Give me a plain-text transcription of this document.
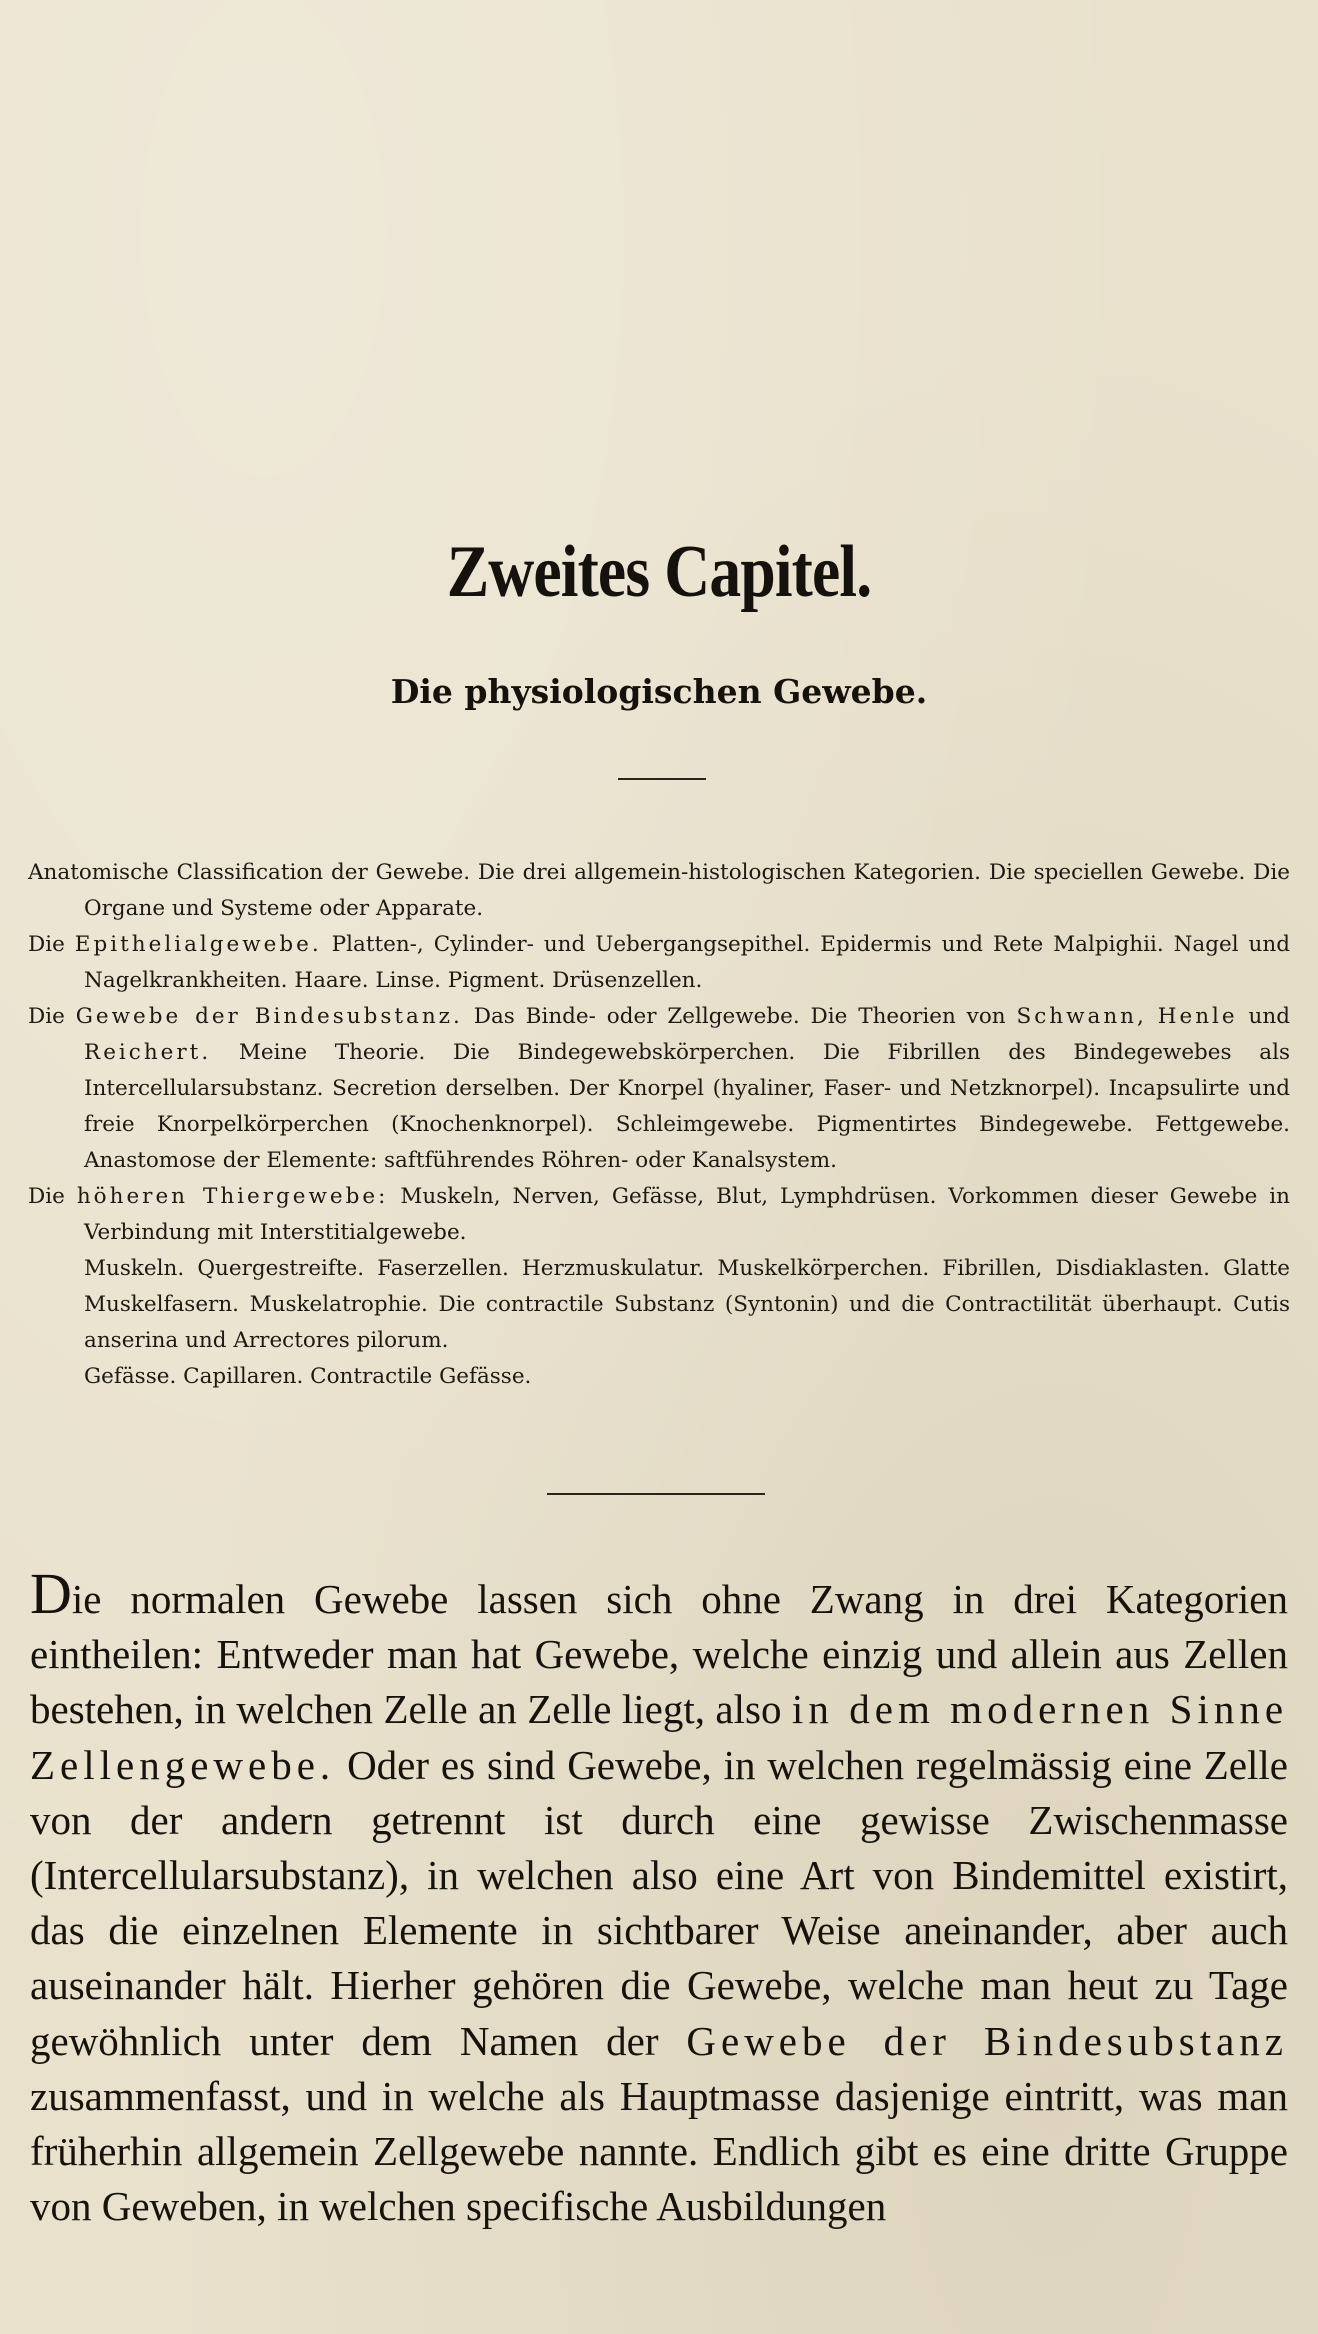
Zweites Capitel.
Die physiologischen Gewebe.

Anatomische Classification der Gewebe. Die drei allgemein-histologischen Kategorien. Die speciellen Gewebe. Die Organe und Systeme oder Apparate.

Die Epithelialgewebe. Platten-, Cylinder- und Uebergangsepithel. Epidermis und Rete Malpighii. Nagel und Nagelkrankheiten. Haare. Linse. Pigment. Drüsenzellen.

Die Gewebe der Bindesubstanz. Das Binde- oder Zellgewebe. Die Theorien von Schwann, Henle und Reichert. Meine Theorie. Die Bindegewebskörperchen. Die Fibrillen des Bindegewebes als Intercellularsubstanz. Secretion derselben. Der Knorpel (hyaliner, Faser- und Netzknorpel). Incapsulirte und freie Knorpelkörperchen (Knochenknorpel). Schleimgewebe. Pigmentirtes Bindegewebe. Fettgewebe. Anastomose der Elemente: saftführendes Röhren- oder Kanalsystem.

Die höheren Thiergewebe: Muskeln, Nerven, Gefässe, Blut, Lymphdrüsen. Vorkommen dieser Gewebe in Verbindung mit Interstitialgewebe.

Muskeln. Quergestreifte. Faserzellen. Herzmuskulatur. Muskelkörperchen. Fibrillen, Disdiaklasten. Glatte Muskelfasern. Muskelatrophie. Die contractile Substanz (Syntonin) und die Contractilität überhaupt. Cutis anserina und Arrectores pilorum.

Gefässe. Capillaren. Contractile Gefässe.

Die normalen Gewebe lassen sich ohne Zwang in drei Kategorien eintheilen: Entweder man hat Gewebe, welche einzig und allein aus Zellen bestehen, in welchen Zelle an Zelle liegt, also in dem modernen Sinne Zellengewebe. Oder es sind Gewebe, in welchen regelmässig eine Zelle von der andern getrennt ist durch eine gewisse Zwischenmasse (Intercellularsubstanz), in welchen also eine Art von Bindemittel existirt, das die einzelnen Elemente in sichtbarer Weise aneinander, aber auch auseinander hält. Hierher gehören die Gewebe, welche man heut zu Tage gewöhnlich unter dem Namen der Gewebe der Bindesubstanz zusammenfasst, und in welche als Hauptmasse dasjenige eintritt, was man früherhin allgemein Zellgewebe nannte. Endlich gibt es eine dritte Gruppe von Geweben, in welchen specifische Ausbildungen
